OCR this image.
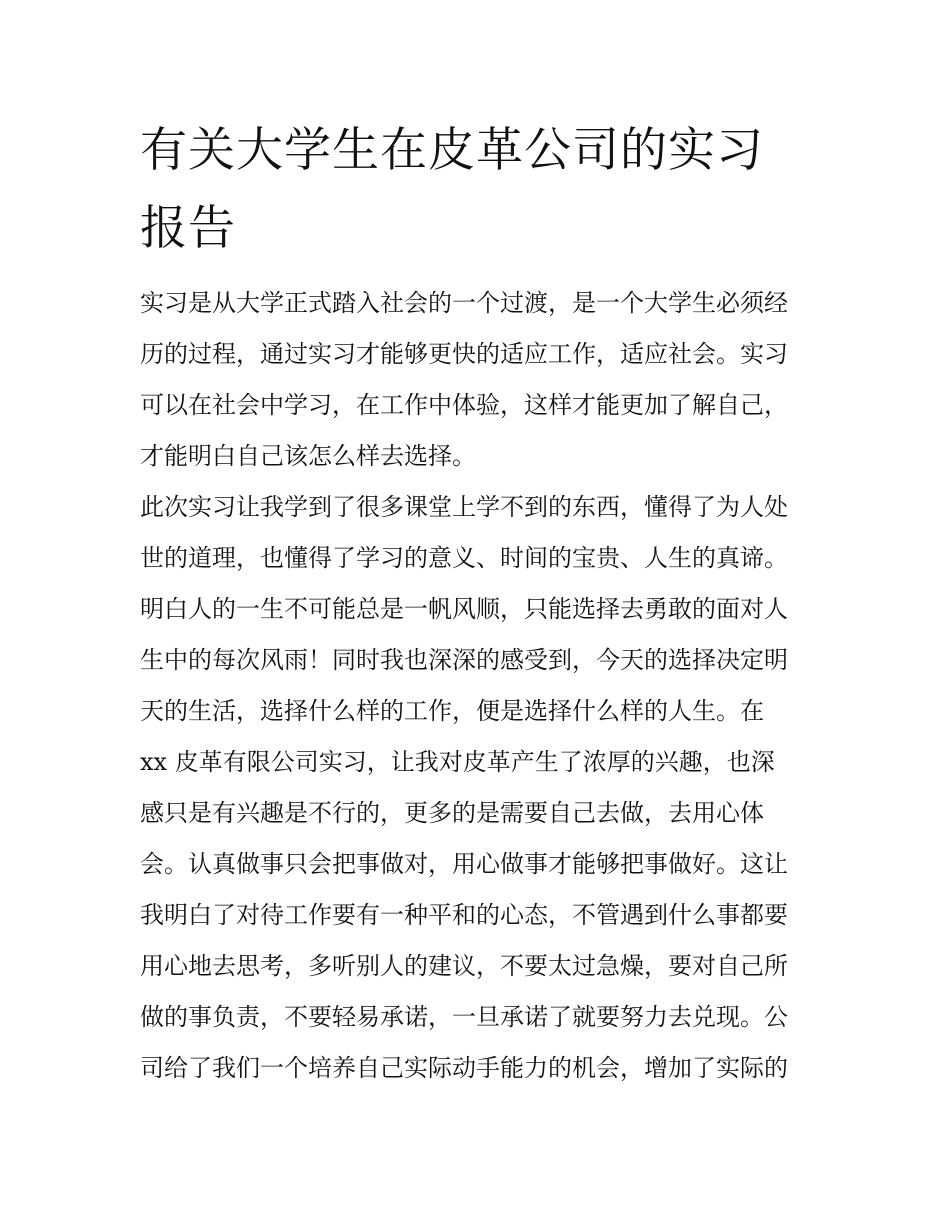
有关大学生在皮革公司的实习
报告
实习是从大学正式踏入社会的一个过渡，是一个大学生必须经
历的过程，通过实习才能够更快的适应工作，适应社会。实习
可以在社会中学习，在工作中体验，这样才能更加了解自己，
才能明白自己该怎么样去选择。
此次实习让我学到了很多课堂上学不到的东西，懂得了为人处
世的道理，也懂得了学习的意义、时间的宝贵、人生的真谛。
明白人的一生不可能总是一帆风顺，只能选择去勇敢的面对人
生中的每次风雨！同时我也深深的感受到，今天的选择决定明
天的生活，选择什么样的工作，便是选择什么样的人生。在
xx 皮革有限公司实习，让我对皮革产生了浓厚的兴趣，也深
感只是有兴趣是不行的，更多的是需要自己去做，去用心体
会。认真做事只会把事做对，用心做事才能够把事做好。这让
我明白了对待工作要有一种平和的心态，不管遇到什么事都要
用心地去思考，多听别人的建议，不要太过急燥，要对自己所
做的事负责，不要轻易承诺，一旦承诺了就要努力去兑现。公
司给了我们一个培养自己实际动手能力的机会，增加了实际的
